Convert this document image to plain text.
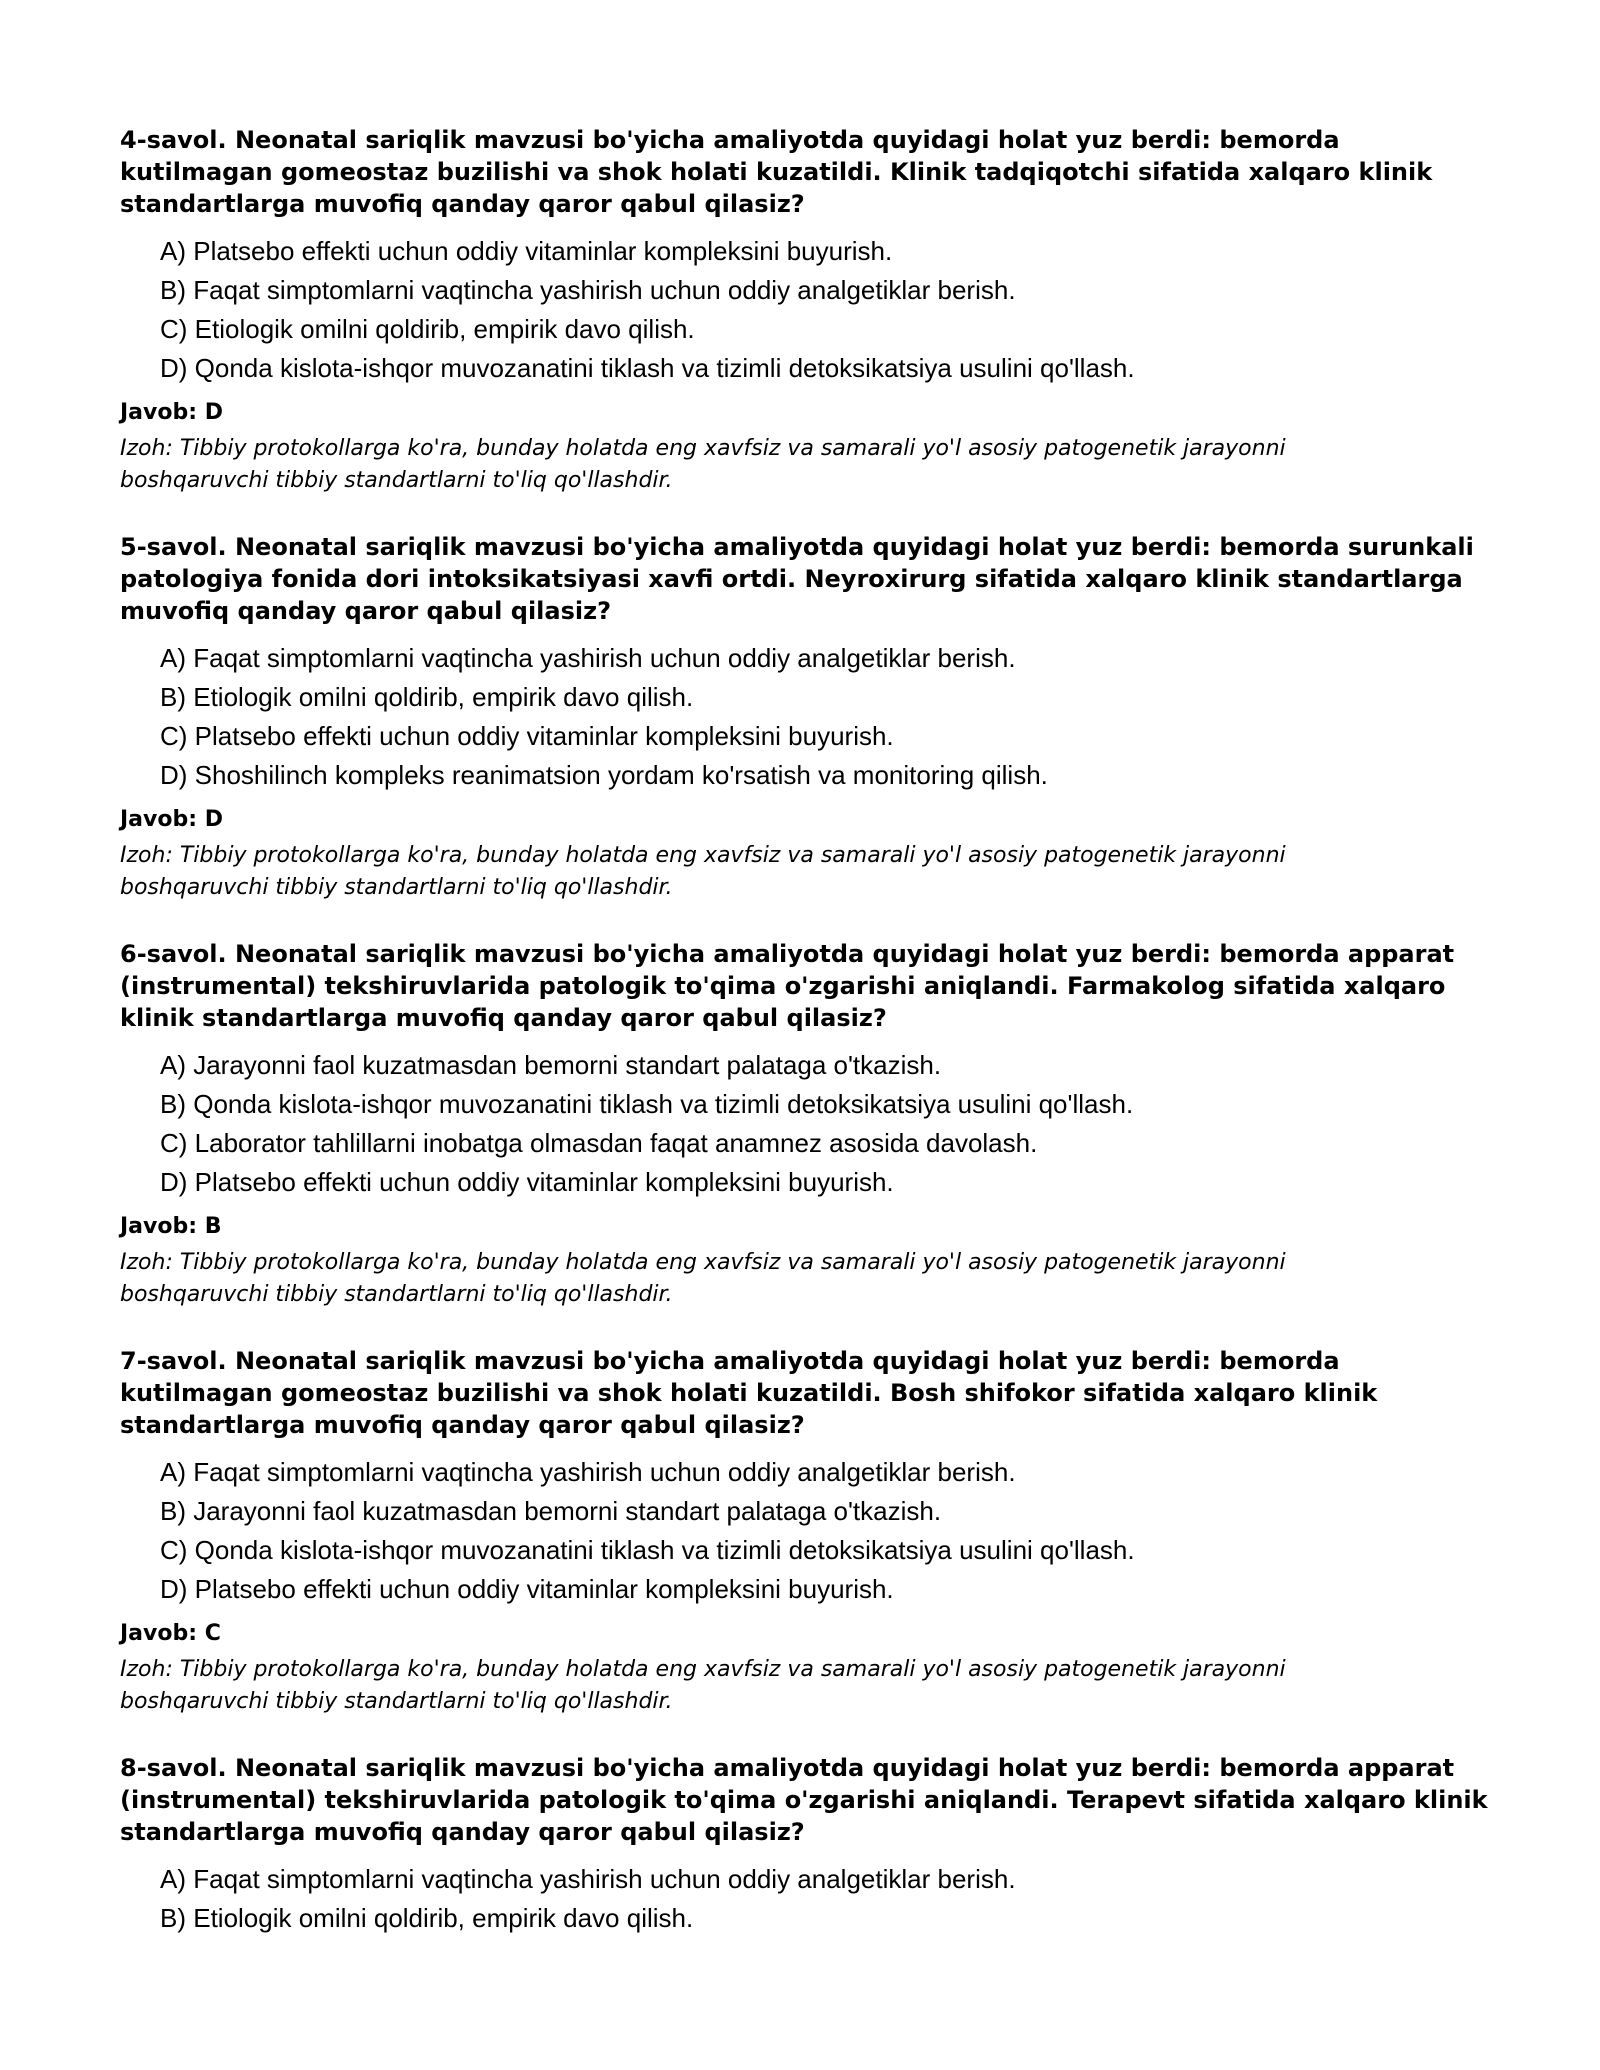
4-savol. Neonatal sariqlik mavzusi bo'yicha amaliyotda quyidagi holat yuz berdi: bemorda kutilmagan gomeostaz buzilishi va shok holati kuzatildi. Klinik tadqiqotchi sifatida xalqaro klinik standartlarga muvofiq qanday qaror qabul qilasiz?

A) Platsebo effekti uchun oddiy vitaminlar kompleksini buyurish.
B) Faqat simptomlarni vaqtincha yashirish uchun oddiy analgetiklar berish.
C) Etiologik omilni qoldirib, empirik davo qilish.
D) Qonda kislota-ishqor muvozanatini tiklash va tizimli detoksikatsiya usulini qo'llash.

Javob: D

Izoh: Tibbiy protokollarga ko'ra, bunday holatda eng xavfsiz va samarali yo'l asosiy patogenetik jarayonni boshqaruvchi tibbiy standartlarni to'liq qo'llashdir.

5-savol. Neonatal sariqlik mavzusi bo'yicha amaliyotda quyidagi holat yuz berdi: bemorda surunkali patologiya fonida dori intoksikatsiyasi xavfi ortdi. Neyroxirurg sifatida xalqaro klinik standartlarga muvofiq qanday qaror qabul qilasiz?

A) Faqat simptomlarni vaqtincha yashirish uchun oddiy analgetiklar berish.
B) Etiologik omilni qoldirib, empirik davo qilish.
C) Platsebo effekti uchun oddiy vitaminlar kompleksini buyurish.
D) Shoshilinch kompleks reanimatsion yordam ko'rsatish va monitoring qilish.

Javob: D

Izoh: Tibbiy protokollarga ko'ra, bunday holatda eng xavfsiz va samarali yo'l asosiy patogenetik jarayonni boshqaruvchi tibbiy standartlarni to'liq qo'llashdir.

6-savol. Neonatal sariqlik mavzusi bo'yicha amaliyotda quyidagi holat yuz berdi: bemorda apparat (instrumental) tekshiruvlarida patologik to'qima o'zgarishi aniqlandi. Farmakolog sifatida xalqaro klinik standartlarga muvofiq qanday qaror qabul qilasiz?

A) Jarayonni faol kuzatmasdan bemorni standart palataga o'tkazish.
B) Qonda kislota-ishqor muvozanatini tiklash va tizimli detoksikatsiya usulini qo'llash.
C) Laborator tahlillarni inobatga olmasdan faqat anamnez asosida davolash.
D) Platsebo effekti uchun oddiy vitaminlar kompleksini buyurish.

Javob: B

Izoh: Tibbiy protokollarga ko'ra, bunday holatda eng xavfsiz va samarali yo'l asosiy patogenetik jarayonni boshqaruvchi tibbiy standartlarni to'liq qo'llashdir.

7-savol. Neonatal sariqlik mavzusi bo'yicha amaliyotda quyidagi holat yuz berdi: bemorda kutilmagan gomeostaz buzilishi va shok holati kuzatildi. Bosh shifokor sifatida xalqaro klinik standartlarga muvofiq qanday qaror qabul qilasiz?

A) Faqat simptomlarni vaqtincha yashirish uchun oddiy analgetiklar berish.
B) Jarayonni faol kuzatmasdan bemorni standart palataga o'tkazish.
C) Qonda kislota-ishqor muvozanatini tiklash va tizimli detoksikatsiya usulini qo'llash.
D) Platsebo effekti uchun oddiy vitaminlar kompleksini buyurish.

Javob: C

Izoh: Tibbiy protokollarga ko'ra, bunday holatda eng xavfsiz va samarali yo'l asosiy patogenetik jarayonni boshqaruvchi tibbiy standartlarni to'liq qo'llashdir.

8-savol. Neonatal sariqlik mavzusi bo'yicha amaliyotda quyidagi holat yuz berdi: bemorda apparat (instrumental) tekshiruvlarida patologik to'qima o'zgarishi aniqlandi. Terapevt sifatida xalqaro klinik standartlarga muvofiq qanday qaror qabul qilasiz?

A) Faqat simptomlarni vaqtincha yashirish uchun oddiy analgetiklar berish.
B) Etiologik omilni qoldirib, empirik davo qilish.
